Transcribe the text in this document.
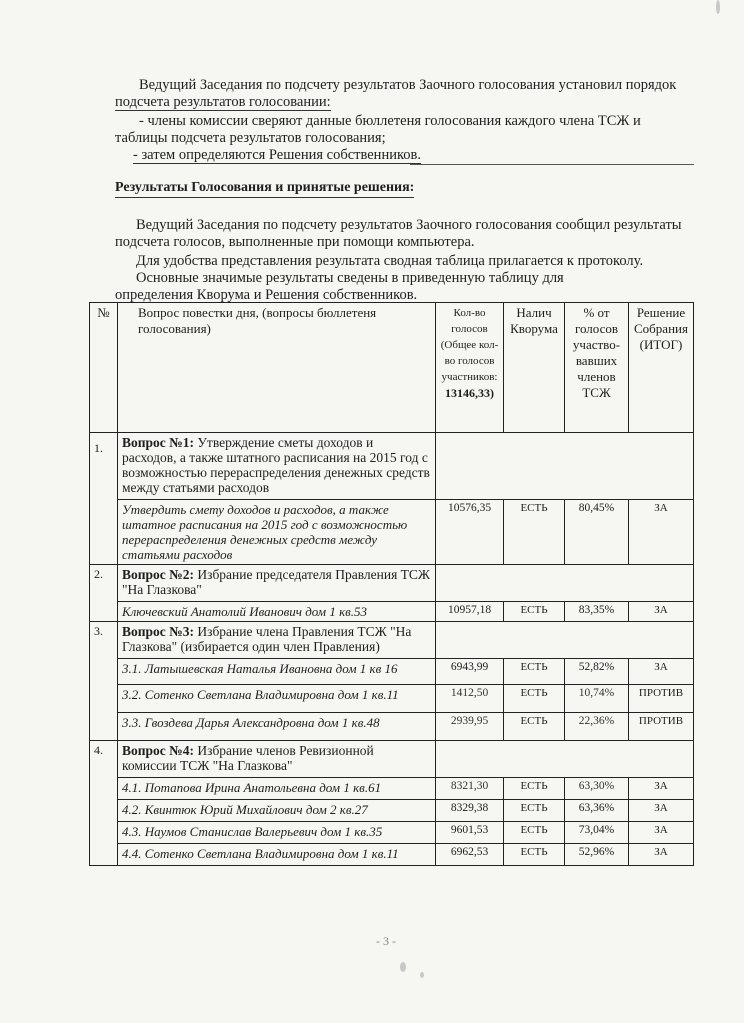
Ведущий Заседания по подсчету результатов Заочного голосования установил порядок
подсчета результатов голосовании:
- члены комиссии сверяют данные бюллетеня голосования каждого члена ТСЖ и
таблицы подсчета результатов голосования;
- затем определяются Решения собственников.
Результаты Голосования и принятые решения:
Ведущий Заседания по подсчету результатов Заочного голосования сообщил результаты
подсчета голосов, выполненные при помощи компьютера.
Для удобства представления результата сводная таблица прилагается к протоколу.
Основные значимые результаты сведены в приведенную таблицу для
определения Кворума и Решения собственников.
№	Вопрос повестки дня, (вопросы бюллетеня голосования)	Кол-во голосов (Общее кол-во голосов участников:
13146,33)	Налич Кворума	% от голосов участво-вавших членов ТСЖ	Решение Собрания (ИТОГ)
1.	Вопрос №1: Утверждение сметы доходов и расходов, а также штатного расписания на 2015 год с возможностью перераспределения денежных средств между статьями расходов				
	Утвердить смету доходов и расходов, а также штатное расписания на 2015 год с возможностью перераспределения денежных средств между статьями расходов	10576,35	ЕСТЬ	80,45%	ЗА
2.	Вопрос №2: Избрание председателя Правления ТСЖ "На Глазкова"				
	Ключевский Анатолий Иванович дом 1 кв.53	10957,18	ЕСТЬ	83,35%	ЗА
3.	Вопрос №3: Избрание члена Правления ТСЖ "На Глазкова" (избирается один член Правления)				
	3.1. Латышевская Наталья Ивановна дом 1 кв 16	6943,99	ЕСТЬ	52,82%	ЗА
	3.2. Сотенко Светлана Владимировна дом 1 кв.11	1412,50	ЕСТЬ	10,74%	ПРОТИВ
	3.3. Гвоздева Дарья Александровна дом 1 кв.48	2939,95	ЕСТЬ	22,36%	ПРОТИВ
4.	Вопрос №4: Избрание членов Ревизионной комиссии ТСЖ "На Глазкова"				
	4.1. Потапова Ирина Анатольевна дом 1 кв.61	8321,30	ЕСТЬ	63,30%	ЗА
	4.2. Квинтюк Юрий Михайлович дом 2 кв.27	8329,38	ЕСТЬ	63,36%	ЗА
	4.3. Наумов Станислав Валерьевич дом 1 кв.35	9601,53	ЕСТЬ	73,04%	ЗА
	4.4. Сотенко Светлана Владимировна дом 1 кв.11	6962,53	ЕСТЬ	52,96%	ЗА
- 3 -
